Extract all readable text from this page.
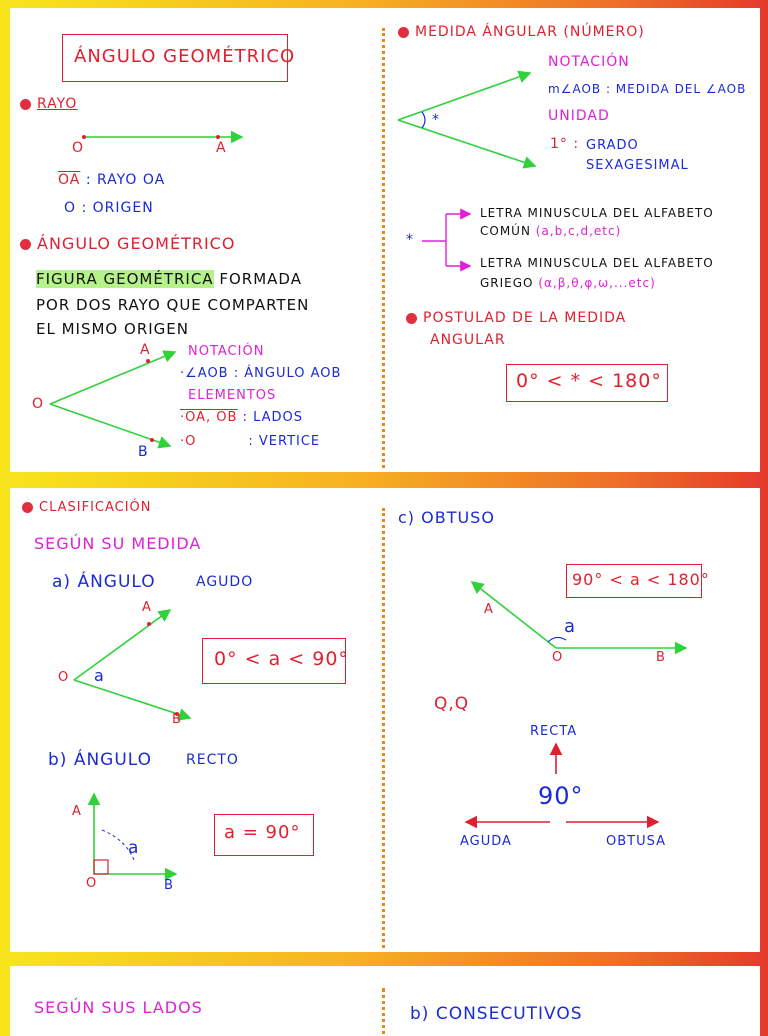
ÁNGULO GEOMÉTRICO
RAYO
O	A
$\overline{OA}$ : RAYO OA
O : ORIGEN
ÁNGULO GEOMÉTRICO
FIGURA GEOMÉTRICA FORMADA
POR DOS RAYO QUE COMPARTEN
EL MISMO ORIGEN
A
O
B
NOTACIÓN
·∠AOB : ÁNGULO AOB
ELEMENTOS
·OA, OB : LADOS
·O	: VERTICE
MEDIDA ÁNGULAR (NÚMERO)
NOTACIÓN
m∠AOB : MEDIDA DEL ∠AOB
UNIDAD
1° : GRADO
SEXAGESIMAL
*
*
LETRA MINUSCULA DEL ALFABETO
COMÚN (a,b,c,d,etc)
LETRA MINUSCULA DEL ALFABETO
GRIEGO (α,β,θ,φ,ω,...etc)
POSTULAD DE LA MEDIDA
ANGULAR
0° < * < 180°
CLASIFICACIÓN
SEGÚN SU MEDIDA
a) ÁNGULO	AGUDO
A
O
B
a
0° < a < 90°
b) ÁNGULO RECTO
A
O	B
a
a = 90°
c) OBTUSO
90° < a < 180°
A
O	B
a
Q,Q
RECTA
90°
AGUDA	OBTUSA
SEGÚN SUS LADOS	b) CONSECUTIVOS
